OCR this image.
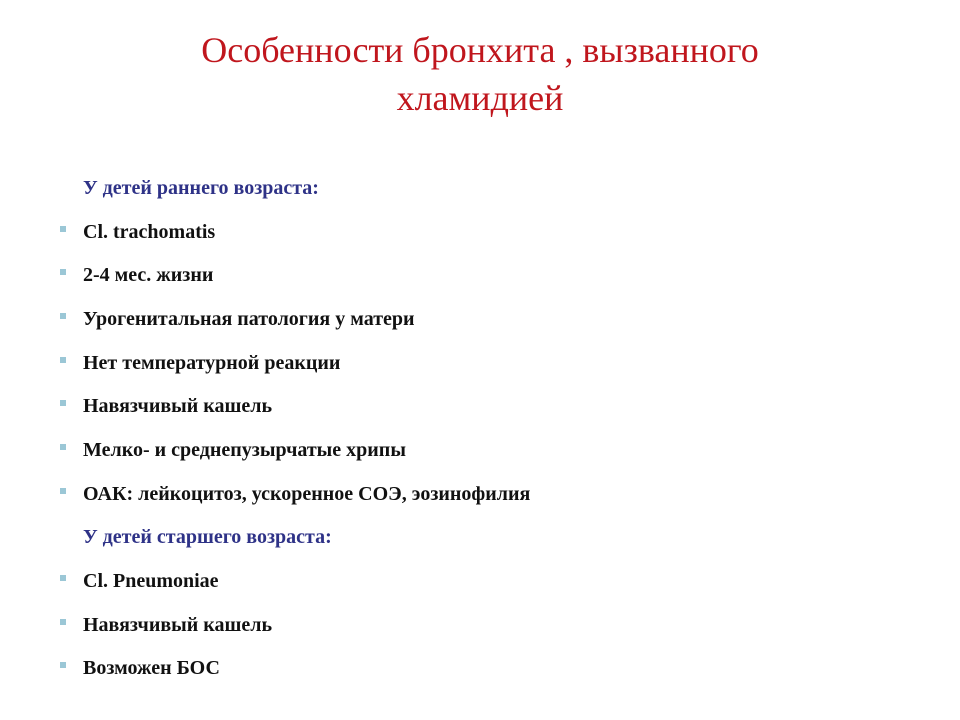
Особенности бронхита , вызванного
хламидией
У детей раннего возраста:
Cl. trachomatis
2-4 мес. жизни
Урогенитальная патология у матери
Нет температурной реакции
Навязчивый кашель
Мелко- и среднепузырчатые хрипы
ОАК: лейкоцитоз, ускоренное СОЭ, эозинофилия
У детей старшего возраста:
Cl. Pneumoniae
Навязчивый кашель
Возможен БОС
